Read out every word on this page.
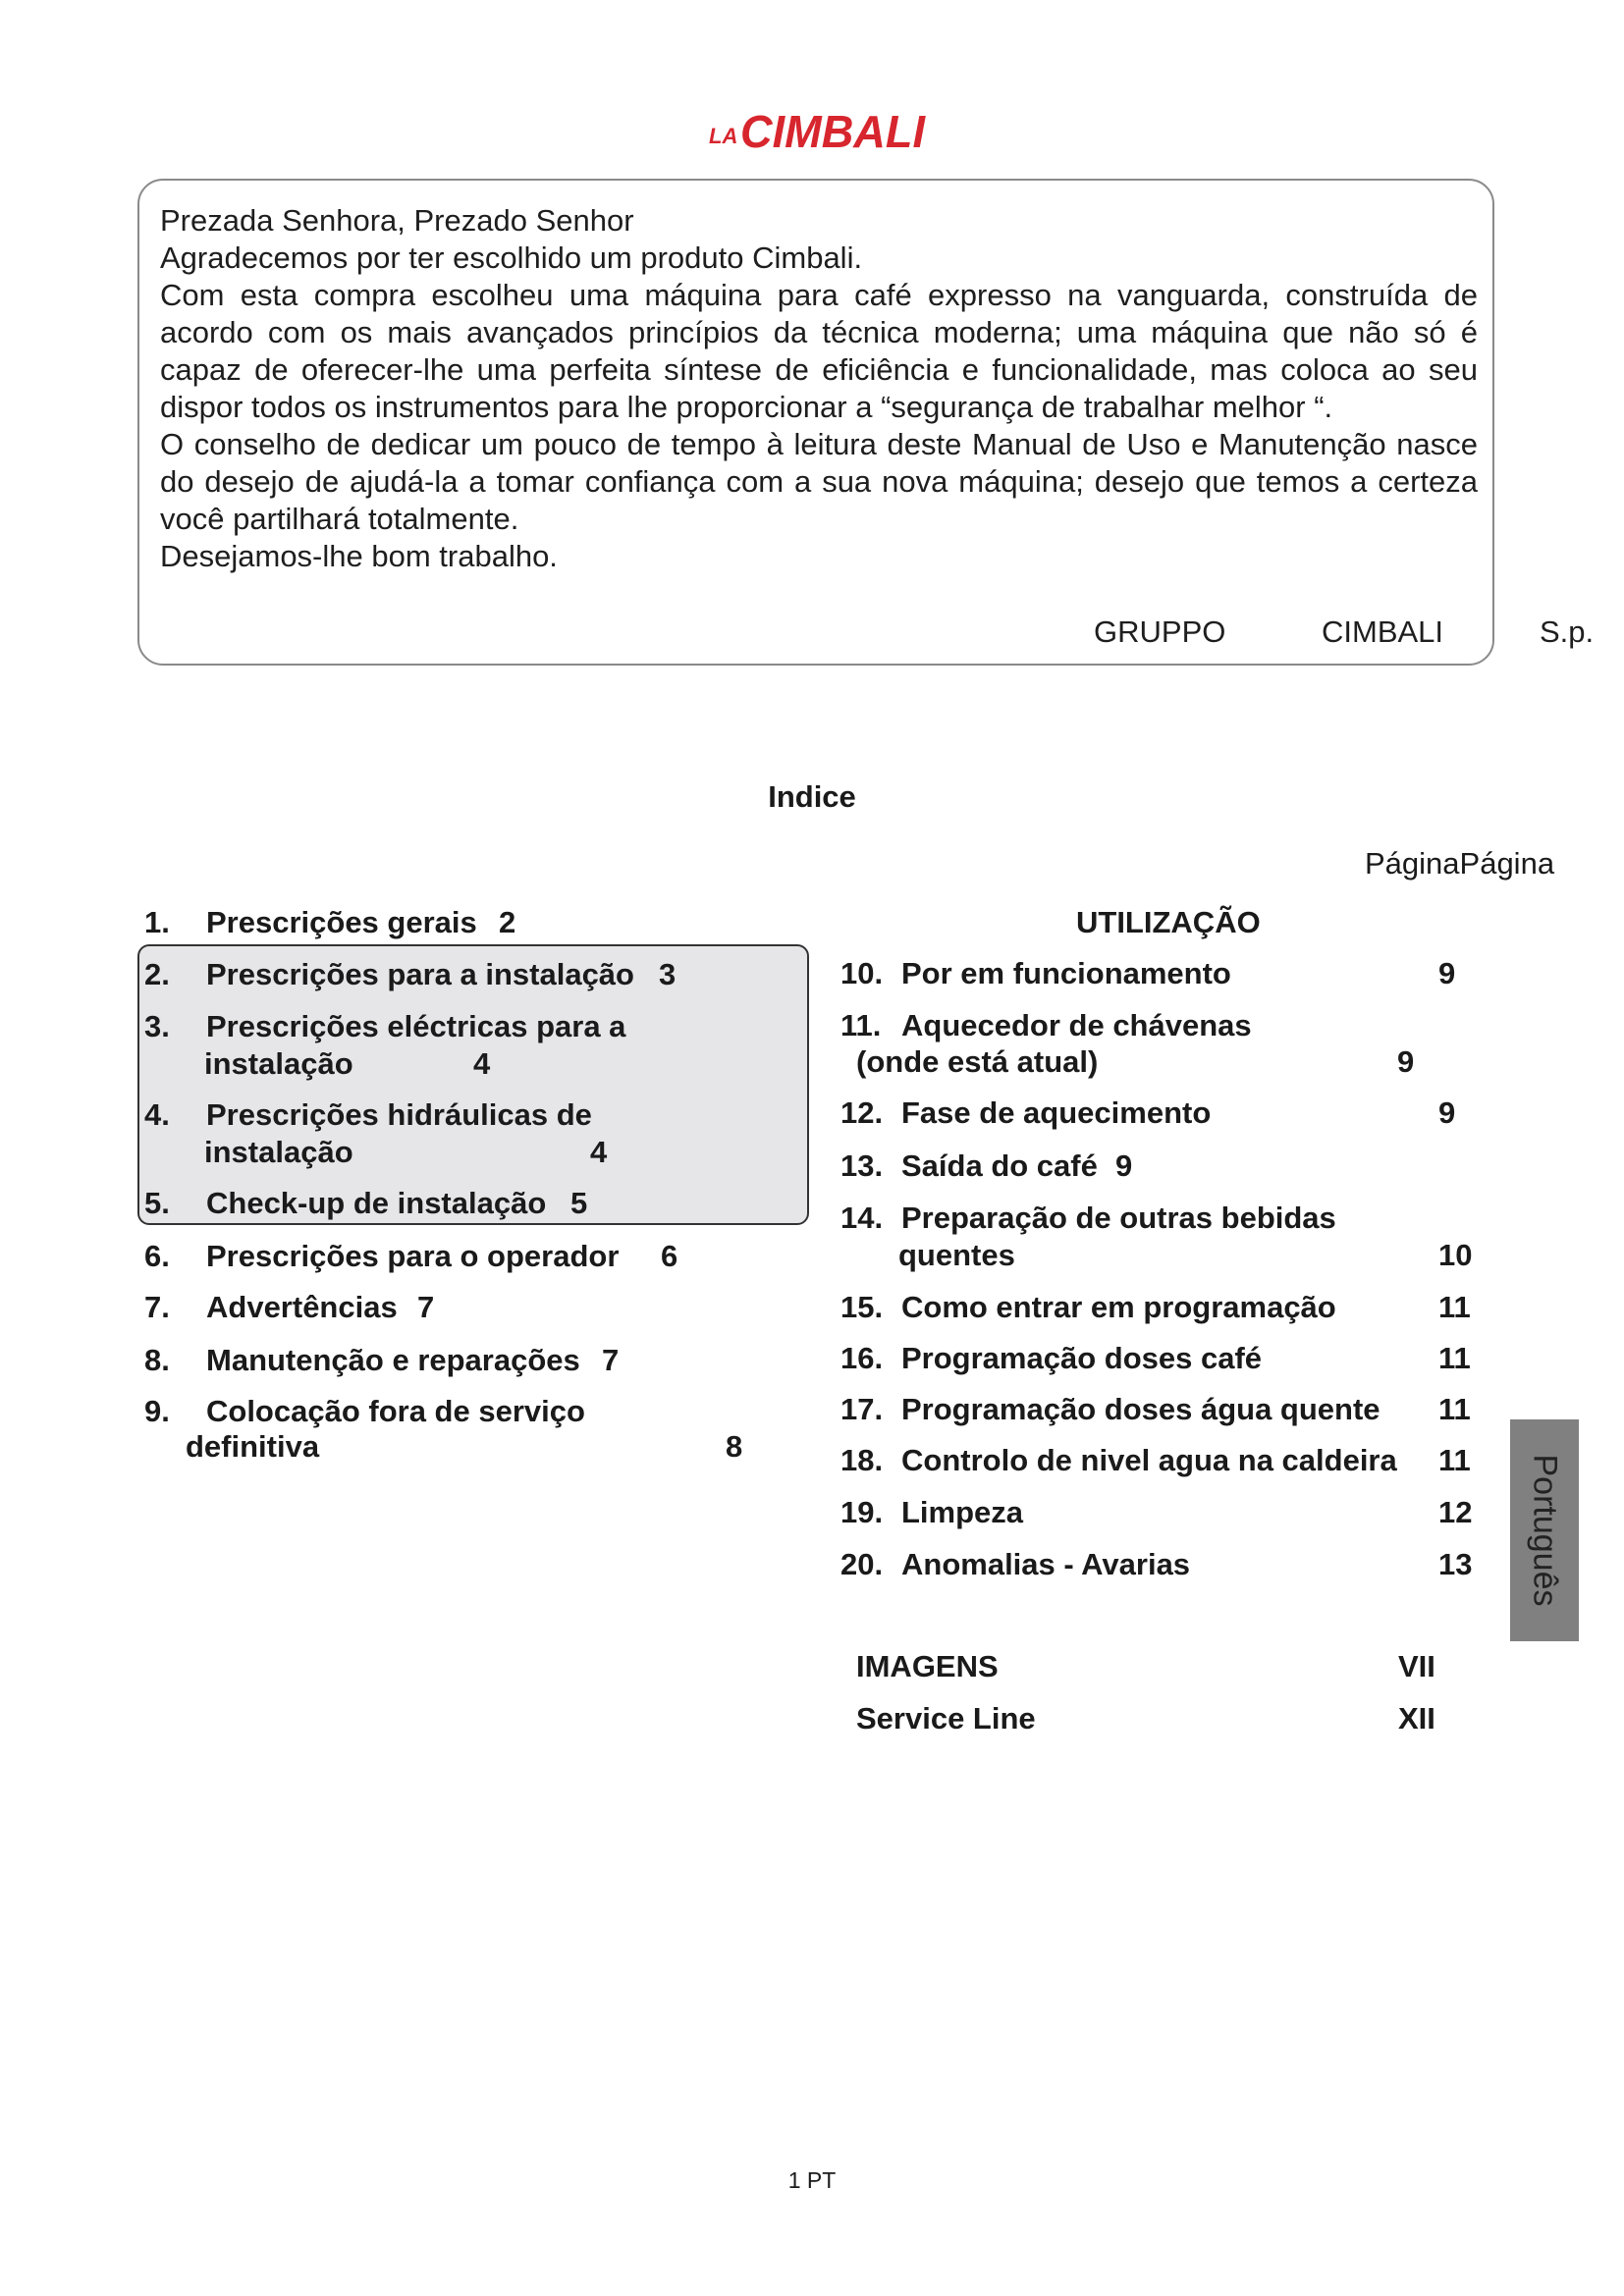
LA CIMBALI

Prezada Senhora, Prezado Senhor

Agradecemos por ter escolhido um produto Cimbali.

Com esta compra escolheu uma máquina para café expresso na vanguarda, construída de acordo com os mais avançados princípios da técnica moderna; uma máquina que não só é capaz de oferecer-lhe uma perfeita síntese de eficiência e funcionalidade, mas coloca ao seu dispor todos os instrumentos para lhe proporcionar a “segurança de trabalhar melhor “.

O conselho de dedicar um pouco de tempo à leitura deste Manual de Uso e Manutenção nasce do desejo de ajudá-la a tomar confiança com a sua nova máquina; desejo que temos a certeza você partilhará totalmente.

Desejamos-lhe bom trabalho.

GRUPPO	CIMBALI	S.p.
Indice
PáginaPágina
UTILIZAÇÃO
1. Prescrições gerais 2
2. Prescrições para a instalação 3
3. Prescrições eléctricas para a
instalação	4
4. Prescrições hidráulicas de
instalação	4
5. Check-up de instalação 5
6. Prescrições para o operador 6
7. Advertências 7
8. Manutenção e reparações 7
9. Colocação fora de serviço
definitiva	8
10. Por em funcionamento	9
11. Aquecedor de chávenas
(onde está atual)	9
12. Fase de aquecimento	9
13. Saída do café 9
14. Preparação de outras bebidas
quentes	10
15. Como entrar em programação	11
16. Programação doses café	11
17. Programação doses água quente 11
18. Controlo de nivel agua na caldeira 11
19. Limpeza	12
20. Anomalias - Avarias	13
IMAGENS	VII
Service Line	XII
Português
1 PT
